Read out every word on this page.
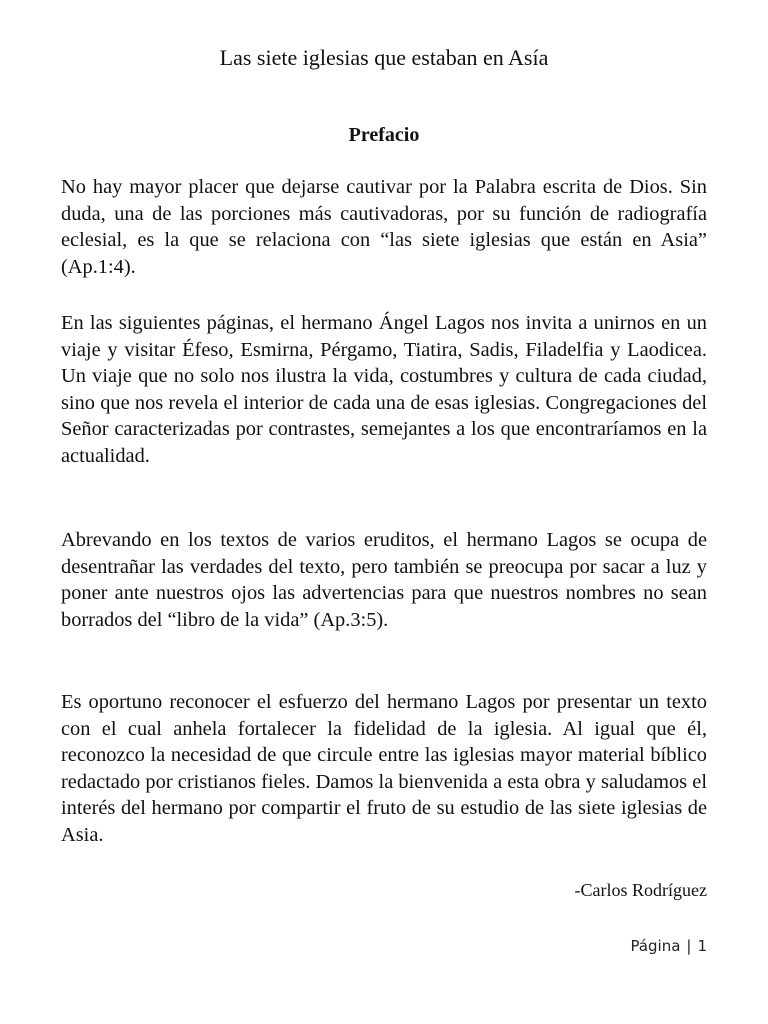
Las siete iglesias que estaban en Asía
Prefacio

No hay mayor placer que dejarse cautivar por la Palabra escrita de Dios. Sin duda, una de las porciones más cautivadoras, por su función de radiografía eclesial, es la que se relaciona con “las siete iglesias que están en Asia” (Ap.1:4).

En las siguientes páginas, el hermano Ángel Lagos nos invita a unirnos en un viaje y visitar Éfeso, Esmirna, Pérgamo, Tiatira, Sadis, Filadelfia y Laodicea. Un viaje que no solo nos ilustra la vida, costumbres y cultura de cada ciudad, sino que nos revela el interior de cada una de esas iglesias. Congregaciones del Señor caracterizadas por contrastes, semejantes a los que encontraríamos en la actualidad.

Abrevando en los textos de varios eruditos, el hermano Lagos se ocupa de desentrañar las verdades del texto, pero también se preocupa por sacar a luz y poner ante nuestros ojos las advertencias para que nuestros nombres no sean borrados del “libro de la vida” (Ap.3:5).

Es oportuno reconocer el esfuerzo del hermano Lagos por presentar un texto con el cual anhela fortalecer la fidelidad de la iglesia. Al igual que él, reconozco la necesidad de que circule entre las iglesias mayor material bíblico redactado por cristianos fieles. Damos la bienvenida a esta obra y saludamos el interés del hermano por compartir el fruto de su estudio de las siete iglesias de Asia.

-Carlos Rodríguez

Página | 1
